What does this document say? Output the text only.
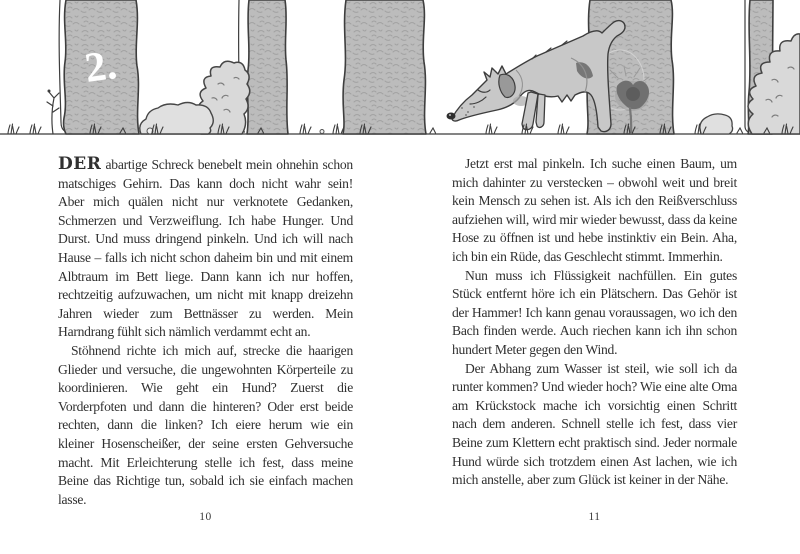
2.

DER abartige Schreck benebelt mein ohnehin schon matschiges Gehirn. Das kann doch nicht wahr sein! Aber mich quälen nicht nur verknotete Gedanken, Schmerzen und Verzweiflung. Ich habe Hunger. Und Durst. Und muss dringend pinkeln. Und ich will nach Hause – falls ich nicht schon daheim bin und mit einem Albtraum im Bett liege. Dann kann ich nur hoffen, rechtzeitig aufzuwachen, um nicht mit knapp dreizehn Jahren wieder zum Bettnässer zu werden. Mein Harndrang fühlt sich nämlich verdammt echt an.

Stöhnend richte ich mich auf, strecke die haarigen Glieder und versuche, die ungewohnten Körperteile zu koordinieren. Wie geht ein Hund? Zuerst die Vorderpfoten und dann die hinteren? Oder erst beide rechten, dann die linken? Ich eiere herum wie ein kleiner Hosenscheißer, der seine ersten Gehversuche macht. Mit Erleichterung stelle ich fest, dass meine Beine das Richtige tun, sobald ich sie einfach machen lasse.

10

Jetzt erst mal pinkeln. Ich suche einen Baum, um mich dahinter zu verstecken – obwohl weit und breit kein Mensch zu sehen ist. Als ich den Reißverschluss aufziehen will, wird mir wieder bewusst, dass da keine Hose zu öffnen ist und hebe instinktiv ein Bein. Aha, ich bin ein Rüde, das Geschlecht stimmt. Immerhin.

Nun muss ich Flüssigkeit nachfüllen. Ein gutes Stück entfernt höre ich ein Plätschern. Das Gehör ist der Hammer! Ich kann genau voraussagen, wo ich den Bach finden werde. Auch riechen kann ich ihn schon hundert Meter gegen den Wind.

Der Abhang zum Wasser ist steil, wie soll ich da runter kommen? Und wieder hoch? Wie eine alte Oma am Krückstock mache ich vorsichtig einen Schritt nach dem anderen. Schnell stelle ich fest, dass vier Beine zum Klettern echt praktisch sind. Jeder normale Hund würde sich trotzdem einen Ast lachen, wie ich mich anstelle, aber zum Glück ist keiner in der Nähe.

11
